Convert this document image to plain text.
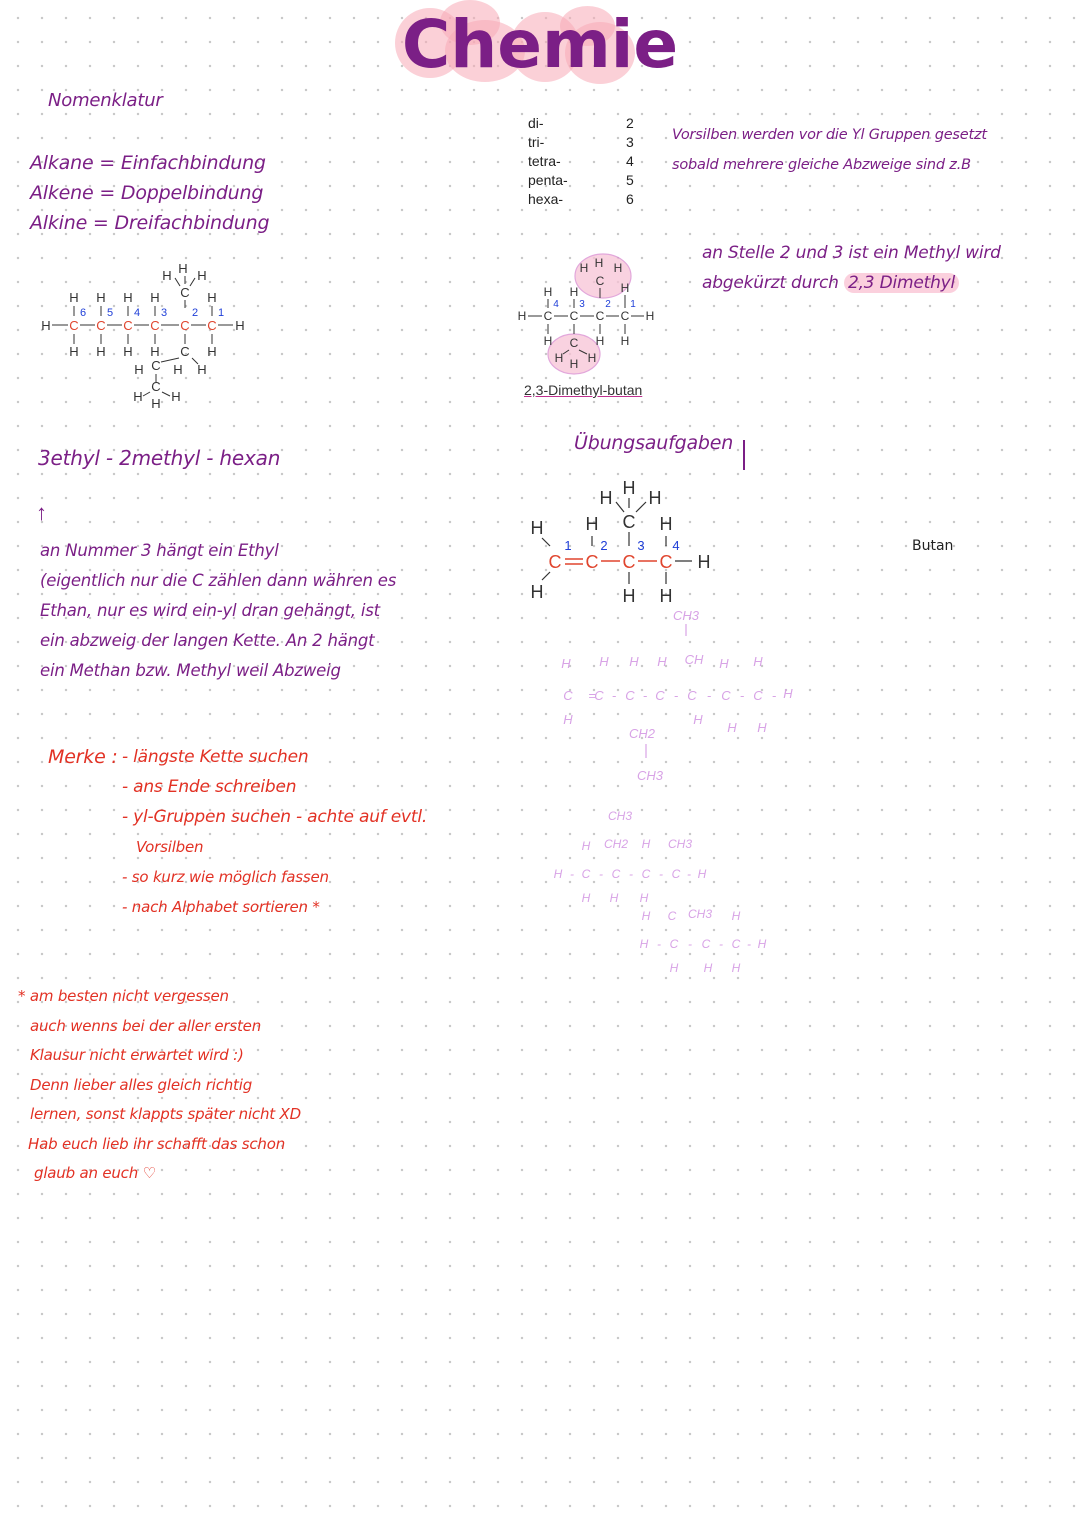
Chemie
Nomenklatur
Alkane = Einfachbindung
Alkene = Doppelbindung
Alkine = Dreifachbindung
H H H
C
H H H H	H
6 5 4 3 2 1
H C C C C C C H
H H H	C H
H
H C H H
C
H H H
3ethyl - 2methyl - hexan
↑
an Nummer 3 hängt ein Ethyl
(eigentlich nur die C zählen dann währen es
Ethan, nur es wird ein-yl dran gehängt, ist
ein abzweig der langen Kette. An 2 hängt
ein Methan bzw. Methyl weil Abzweig
Merke : - längste Kette suchen
- ans Ende schreiben
- yl-Gruppen suchen - achte auf evtl.
Vorsilben
- so kurz wie möglich fassen
- nach Alphabet sortieren *
* am besten nicht vergessen
auch wenns bei der aller ersten
Klausur nicht erwartet wird :)
Denn lieber alles gleich richtig
lernen, sonst klappts später nicht XD
Hab euch lieb ihr schafft das schon
glaub an euch ♡
di-	2
tri-	3
tetra-	4
penta-	5
hexa-	6
Vorsilben werden vor die Yl Gruppen gesetzt
sobald mehrere gleiche Abzweige sind z.B
H H H
C H
H H
4 3 2 1
H C C C C H
H C H H
H H H
2,3-Dimethyl-butan
an Stelle 2 und 3 ist ein Methyl wird
abgekürzt durch 2,3 Dimethyl
Übungsaufgaben
H H H
H H C H
1 2 3 4
C C C C H
H	H H
Butan
CH3
H H H H CH H H
C C C C C C C H
= - - - - - -
H	H
H H
CH2
CH3
CH3
H CH2 H CH3
H C C C C H
- - - - -
H H H
H C CH3 H
H C C C H
- - - -
H H H
